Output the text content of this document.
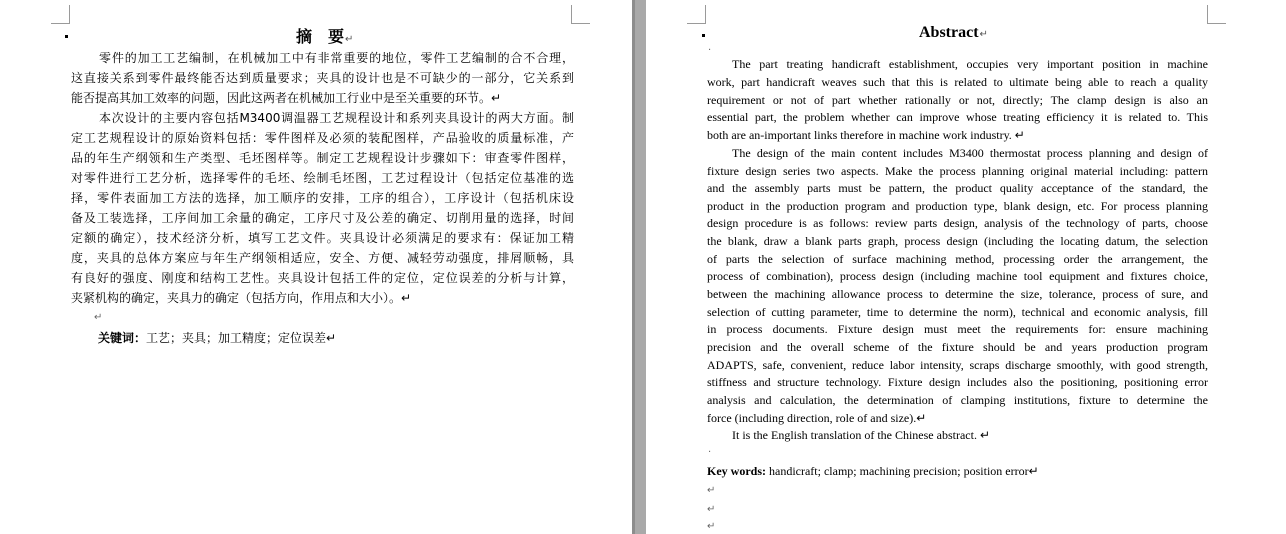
摘　要↵
零件的加工工艺编制，在机械加工中有非常重要的地位，零件工艺编制的合不合理，
这直接关系到零件最终能否达到质量要求；夹具的设计也是不可缺少的一部分，它关系到
能否提高其加工效率的问题，因此这两者在机械加工行业中是至关重要的环节。↵
本次设计的主要内容包括M3400调温器工艺规程设计和系列夹具设计的两大方面。制
定工艺规程设计的原始资料包括：零件图样及必须的装配图样，产品验收的质量标准，产
品的年生产纲领和生产类型、毛坯图样等。制定工艺规程设计步骤如下：审查零件图样，
对零件进行工艺分析，选择零件的毛坯、绘制毛坯图，工艺过程设计（包括定位基准的选
择，零件表面加工方法的选择，加工顺序的安排，工序的组合），工序设计（包括机床设
备及工装选择，工序间加工余量的确定，工序尺寸及公差的确定、切削用量的选择，时间
定额的确定），技术经济分析，填写工艺文件。夹具设计必须满足的要求有：保证加工精
度，夹具的总体方案应与年生产纲领相适应，安全、方便、减轻劳动强度，排屑顺畅，具
有良好的强度、刚度和结构工艺性。夹具设计包括工件的定位，定位误差的分析与计算，
夹紧机构的确定，夹具力的确定（包括方向，作用点和大小）。↵
↵
关键词：工艺；夹具；加工精度；定位误差↵
Abstract↵
.
The part treating handicraft establishment, occupies very important position in machine
work, part handicraft weaves such that this is related to ultimate being able to reach a quality
requirement or not of part whether rationally or not, directly; The clamp design is also an
essential part, the problem whether can improve whose treating efficiency it is related to. This
both are an-important links therefore in machine work industry. ↵
The design of the main content includes M3400 thermostat process planning and design of
fixture design series two aspects. Make the process planning original material including: pattern
and the assembly parts must be pattern, the product quality acceptance of the standard, the
product in the production program and production type, blank design, etc. For process planning
design procedure is as follows: review parts design, analysis of the technology of parts, choose
the blank, draw a blank parts graph, process design (including the locating datum, the selection
of parts the selection of surface machining method, processing order the arrangement, the
process of combination), process design (including machine tool equipment and fixtures choice,
between the machining allowance process to determine the size, tolerance, process of sure, and
selection of cutting parameter, time to determine the norm), technical and economic analysis, fill
in process documents. Fixture design must meet the requirements for: ensure machining
precision and the overall scheme of the fixture should be and years production program
ADAPTS, safe, convenient, reduce labor intensity, scraps discharge smoothly, with good strength,
stiffness and structure technology. Fixture design includes also the positioning, positioning error
analysis and calculation, the determination of clamping institutions, fixture to determine the
force (including direction, role of and size).↵
It is the English translation of the Chinese abstract. ↵
.
Key words: handicraft; clamp; machining precision; position error↵
↵
↵
↵
